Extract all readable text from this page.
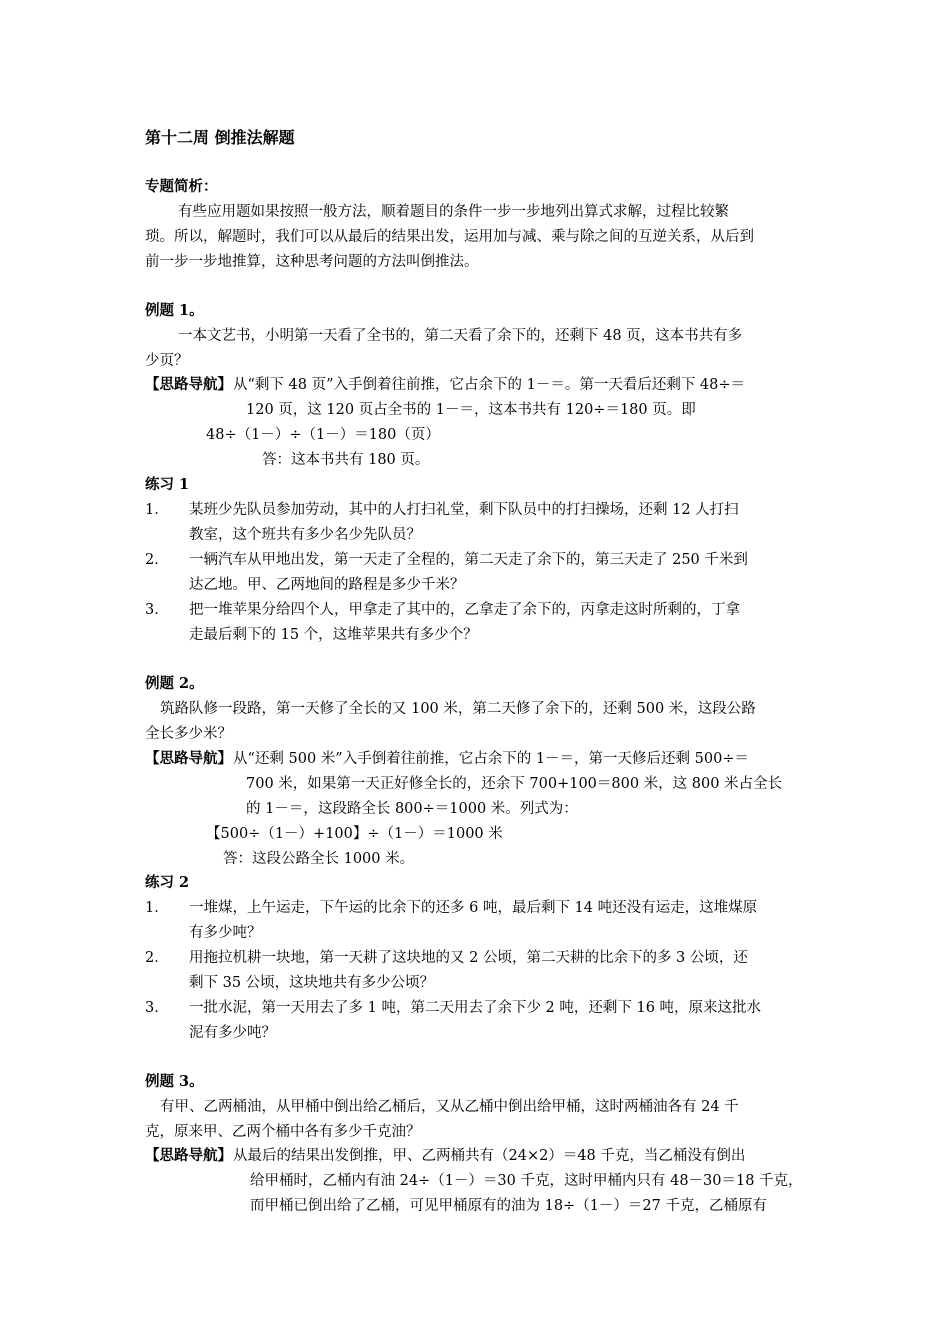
第十二周 倒推法解题
专题简析：
有些应用题如果按照一般方法，顺着题目的条件一步一步地列出算式求解，过程比较繁
琐。所以，解题时，我们可以从最后的结果出发，运用加与减、乘与除之间的互逆关系，从后到
前一步一步地推算，这种思考问题的方法叫倒推法。
例题 1。
一本文艺书，小明第一天看了全书的，第二天看了余下的，还剩下 48 页，这本书共有多
少页？
【思路导航】 从“剩下 48 页”入手倒着往前推，它占余下的 1－＝。第一天看后还剩下 48÷＝
120 页，这 120 页占全书的 1－＝，这本书共有 120÷＝180 页。即
48÷（1－）÷（1－）＝180（页）
答：这本书共有 180 页。
练习 1
1． 某班少先队员参加劳动，其中的人打扫礼堂，剩下队员中的打扫操场，还剩 12 人打扫
教室，这个班共有多少名少先队员？
2． 一辆汽车从甲地出发，第一天走了全程的，第二天走了余下的，第三天走了 250 千米到
达乙地。甲、乙两地间的路程是多少千米？
3． 把一堆苹果分给四个人，甲拿走了其中的，乙拿走了余下的，丙拿走这时所剩的，丁拿
走最后剩下的 15 个，这堆苹果共有多少个？
例题 2。
筑路队修一段路，第一天修了全长的又 100 米，第二天修了余下的，还剩 500 米，这段公路
全长多少米？
【思路导航】 从“还剩 500 米”入手倒着往前推，它占余下的 1－＝，第一天修后还剩 500÷＝
700 米，如果第一天正好修全长的，还余下 700+100＝800 米，这 800 米占全长
的 1－＝，这段路全长 800÷＝1000 米。列式为：
【500÷（1－）+100】÷（1－）＝1000 米
答：这段公路全长 1000 米。
练习 2
1． 一堆煤，上午运走，下午运的比余下的还多 6 吨，最后剩下 14 吨还没有运走，这堆煤原
有多少吨？
2． 用拖拉机耕一块地，第一天耕了这块地的又 2 公顷，第二天耕的比余下的多 3 公顷，还
剩下 35 公顷，这块地共有多少公顷？
3． 一批水泥，第一天用去了多 1 吨，第二天用去了余下少 2 吨，还剩下 16 吨，原来这批水
泥有多少吨？
例题 3。
有甲、乙两桶油，从甲桶中倒出给乙桶后，又从乙桶中倒出给甲桶，这时两桶油各有 24 千
克，原来甲、乙两个桶中各有多少千克油？
【思路导航】 从最后的结果出发倒推，甲、乙两桶共有（24×2）＝48 千克，当乙桶没有倒出
给甲桶时，乙桶内有油 24÷（1－）＝30 千克，这时甲桶内只有 48－30＝18 千克，
而甲桶已倒出给了乙桶，可见甲桶原有的油为 18÷（1－）＝27 千克，乙桶原有
